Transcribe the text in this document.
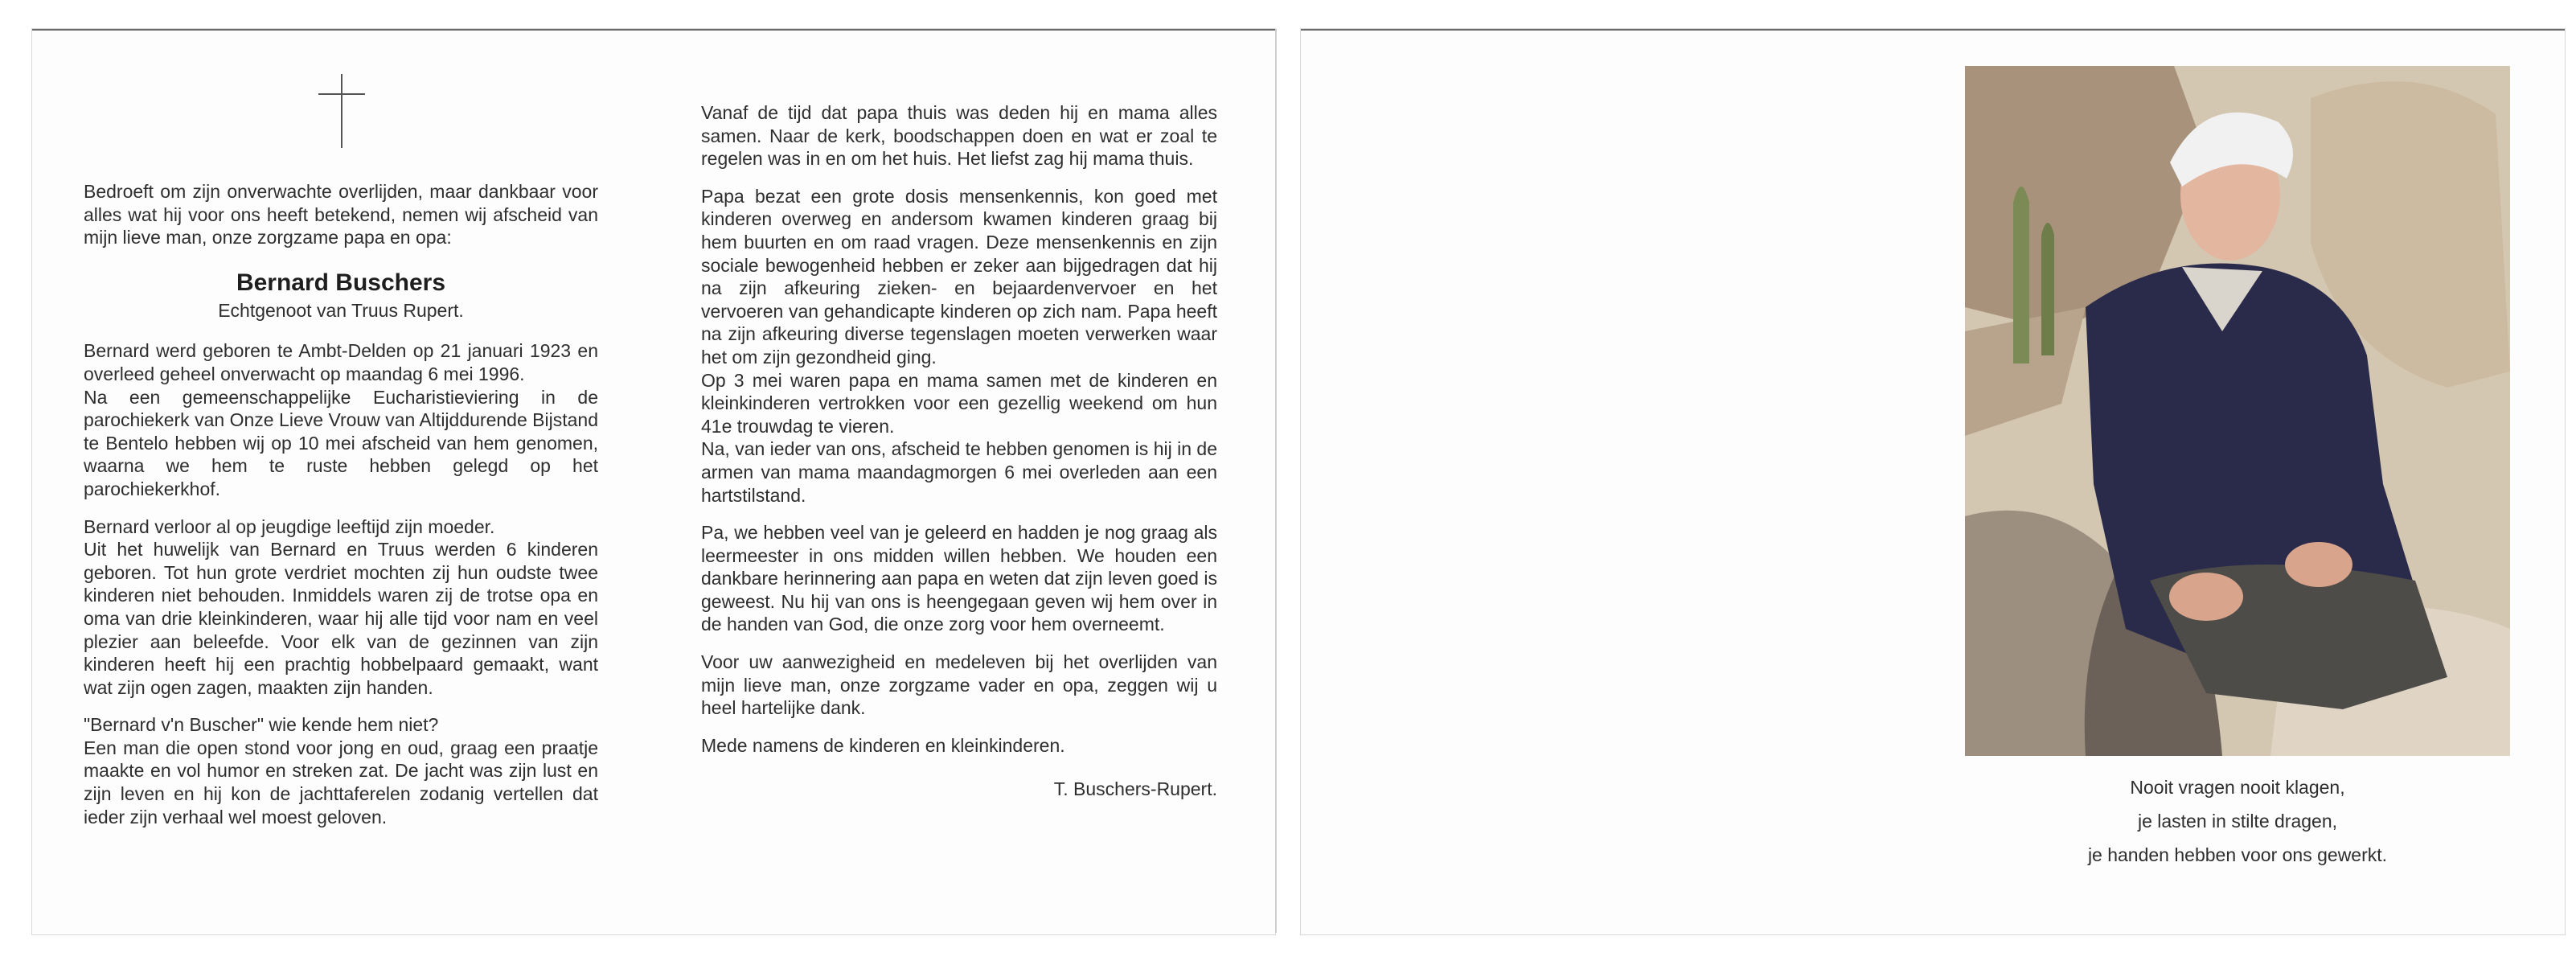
Bedroeft om zijn onverwachte overlijden, maar dankbaar voor alles wat hij voor ons heeft betekend, nemen wij afscheid van mijn lieve man, onze zorgzame papa en opa:

Bernard Buschers
Echtgenoot van Truus Rupert.

Bernard werd geboren te Ambt-Delden op 21 januari 1923 en overleed geheel onverwacht op maandag 6 mei 1996.

Na een gemeenschappelijke Eucharistieviering in de parochiekerk van Onze Lieve Vrouw van Altijddurende Bijstand te Bentelo hebben wij op 10 mei afscheid van hem genomen, waarna we hem te ruste hebben gelegd op het parochiekerkhof.

Bernard verloor al op jeugdige leeftijd zijn moeder.

Uit het huwelijk van Bernard en Truus werden 6 kinderen geboren. Tot hun grote verdriet mochten zij hun oudste twee kinderen niet behouden. Inmiddels waren zij de trotse opa en oma van drie kleinkinderen, waar hij alle tijd voor nam en veel plezier aan beleefde. Voor elk van de gezinnen van zijn kinderen heeft hij een prachtig hobbelpaard gemaakt, want wat zijn ogen zagen, maakten zijn handen.

"Bernard v'n Buscher" wie kende hem niet?

Een man die open stond voor jong en oud, graag een praatje maakte en vol humor en streken zat. De jacht was zijn lust en zijn leven en hij kon de jachttaferelen zodanig vertellen dat ieder zijn verhaal wel moest geloven.

Vanaf de tijd dat papa thuis was deden hij en mama alles samen. Naar de kerk, boodschappen doen en wat er zoal te regelen was in en om het huis. Het liefst zag hij mama thuis.

Papa bezat een grote dosis mensenkennis, kon goed met kinderen overweg en andersom kwamen kinderen graag bij hem buurten en om raad vragen. Deze mensenkennis en zijn sociale bewogenheid hebben er zeker aan bijgedragen dat hij na zijn afkeuring zieken- en bejaardenvervoer en het vervoeren van gehandicapte kinderen op zich nam. Papa heeft na zijn afkeuring diverse tegenslagen moeten verwerken waar het om zijn gezondheid ging.

Op 3 mei waren papa en mama samen met de kinderen en kleinkinderen vertrokken voor een gezellig weekend om hun 41e trouwdag te vieren.

Na, van ieder van ons, afscheid te hebben genomen is hij in de armen van mama maandagmorgen 6 mei overleden aan een hartstilstand.

Pa, we hebben veel van je geleerd en hadden je nog graag als leermeester in ons midden willen hebben. We houden een dankbare herinnering aan papa en weten dat zijn leven goed is geweest. Nu hij van ons is heengegaan geven wij hem over in de handen van God, die onze zorg voor hem overneemt.

Voor uw aanwezigheid en medeleven bij het overlijden van mijn lieve man, onze zorgzame vader en opa, zeggen wij u heel hartelijke dank.

Mede namens de kinderen en kleinkinderen.

T. Buschers-Rupert.	Nooit vragen nooit klagen,
je lasten in stilte dragen,
je handen hebben voor ons gewerkt.
